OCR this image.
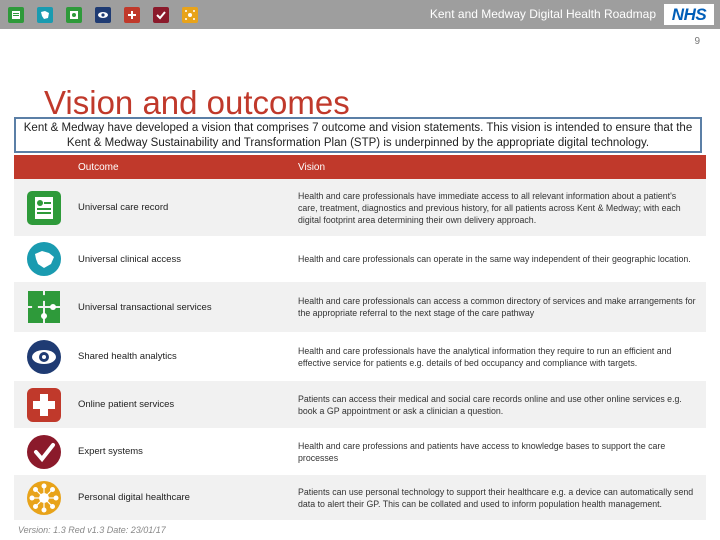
Kent and Medway Digital Health Roadmap NHS
9
Vision and outcomes
Kent & Medway have developed a vision that comprises 7 outcome and vision statements. This vision is intended to ensure that the Kent & Medway Sustainability and Transformation Plan (STP) is underpinned by the appropriate digital technology.
Outcome	Vision
Universal care record
Health and care professionals have immediate access to all relevant information about a patient's care, treatment, diagnostics and previous history, for all patients across Kent & Medway; with each digital footprint area determining their own delivery approach.
Universal clinical access	Health and care professionals can operate in the same way independent of their geographic location.
Universal transactional services
Health and care professionals can access a common directory of services and make arrangements for the appropriate referral to the next stage of the care pathway
Shared health analytics
Health and care professionals have the analytical information they require to run an efficient and effective service for patients e.g. details of bed occupancy and compliance with targets.
Online patient services
Patients can access their medical and social care records online and use other online services e.g. book a GP appointment or ask a clinician a question.
Expert systems
Health and care professions and patients have access to knowledge bases to support the care processes
Personal digital healthcare
Patients can use personal technology to support their healthcare e.g. a device can automatically send data to alert their GP. This can be collated and used to inform population health management.
Version: 1.3 Red v1.3 Date: 23/01/17
